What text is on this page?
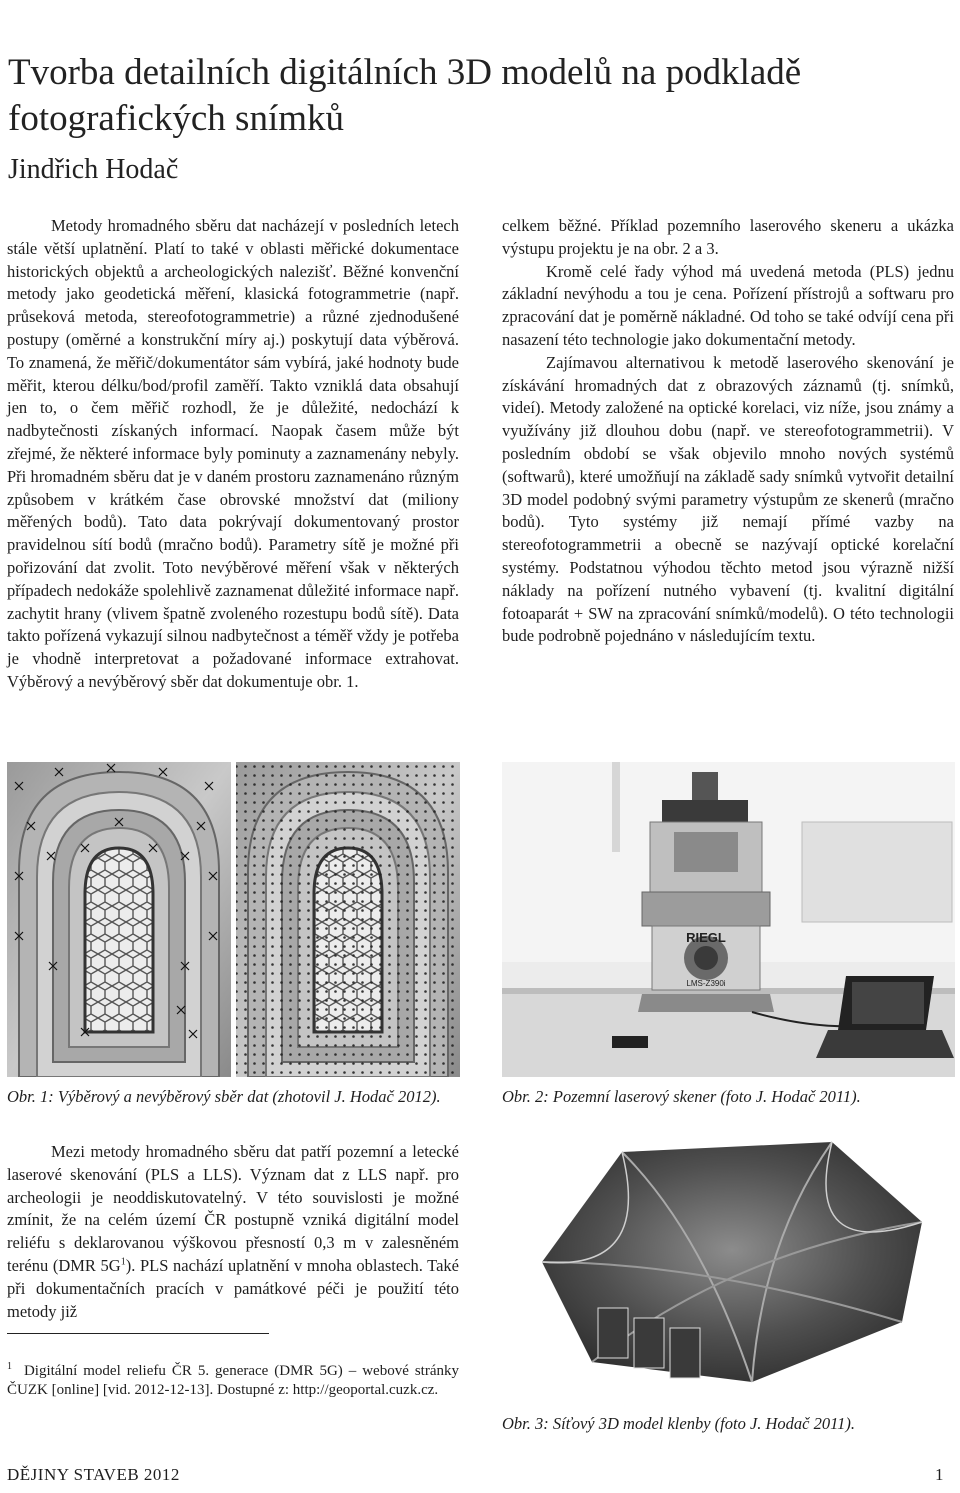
Tvorba detailních digitálních 3D modelů na podkladě fotografických snímků
Jindřich Hodač

Metody hromadného sběru dat nacházejí v posledních letech stále větší uplatnění. Platí to také v oblasti měřické dokumentace historických objektů a archeologických nalezišť. Běžné konvenční metody jako geodetická měření, klasická fotogrammetrie (např. průseková metoda, stereofotogrammetrie) a různé zjednodušené postupy (oměrné a konstrukční míry aj.) poskytují data výběrová. To znamená, že měřič/dokumentátor sám vybírá, jaké hodnoty bude měřit, kterou délku/bod/profil zaměří. Takto vzniklá data obsahují jen to, o čem měřič rozhodl, že je důležité, nedochází k nadbytečnosti získaných informací. Naopak časem může být zřejmé, že některé informace byly pominuty a zaznamenány nebyly. Při hromadném sběru dat je v daném prostoru zaznamenáno různým způsobem v krátkém čase obrovské množství dat (miliony měřených bodů). Tato data pokrývají dokumentovaný prostor pravidelnou sítí bodů (mračno bodů). Parametry sítě je možné při pořizování dat zvolit. Toto nevýběrové měření však v některých případech nedokáže spolehlivě zaznamenat důležité informace např. zachytit hrany (vlivem špatně zvoleného rozestupu bodů sítě). Data takto pořízená vykazují silnou nadbytečnost a téměř vždy je potřeba je vhodně interpretovat a požadované informace extrahovat. Výběrový a nevýběrový sběr dat dokumentuje obr. 1.

celkem běžné. Příklad pozemního laserového skeneru a ukázka výstupu projektu je na obr. 2 a 3.

Kromě celé řady výhod má uvedená metoda (PLS) jednu základní nevýhodu a tou je cena. Pořízení přístrojů a softwaru pro zpracování dat je poměrně nákladné. Od toho se také odvíjí cena při nasazení této technologie jako dokumentační metody.

Zajímavou alternativou k metodě laserového skenování je získávání hromadných dat z obrazových záznamů (tj. snímků, videí). Metody založené na optické korelaci, viz níže, jsou známy a využívány již dlouhou dobu (např. ve stereofotogrammetrii). V posledním období se však objevilo mnoho nových systémů (softwarů), které umožňují na základě sady snímků vytvořit detailní 3D model podobný svými parametry výstupům ze skenerů (mračno bodů). Tyto systémy již nemají přímé vazby na stereofotogrammetrii a obecně se nazývají optické korelační systémy. Podstatnou výhodou těchto metod jsou výrazně nižší náklady na pořízení nutného vybavení (tj. kvalitní digitální fotoaparát + SW na zpracování snímků/modelů). O této technologii bude podrobně pojednáno v následujícím textu.

RIEGL
LMS-Z390i
Obr. 1: Výběrový a nevýběrový sběr dat (zhotovil J. Hodač 2012).	Obr. 2: Pozemní laserový skener (foto J. Hodač 2011).

Mezi metody hromadného sběru dat patří pozemní a letecké laserové skenování (PLS a LLS). Význam dat z LLS např. pro archeologii je neoddiskutovatelný. V této souvislosti je možné zmínit, že na celém území ČR postupně vzniká digitální model reliéfu s deklarovanou výškovou přesností 0,3 m v zalesněném terénu (DMR $5G^1$). PLS nachází uplatnění v mnoha oblastech. Také při dokumentačních pracích v památkové péči je použití této metody již

Obr. 3: Síťový 3D model klenby (foto J. Hodač 2011).
$^1$ Digitální model reliefu ČR 5. generace (DMR 5G) – webové stránky ČUZK [online] [vid. 2012-12-13]. Dostupné z: http://geoportal.cuzk.cz.
DĚJINY STAVEB 2012	1
